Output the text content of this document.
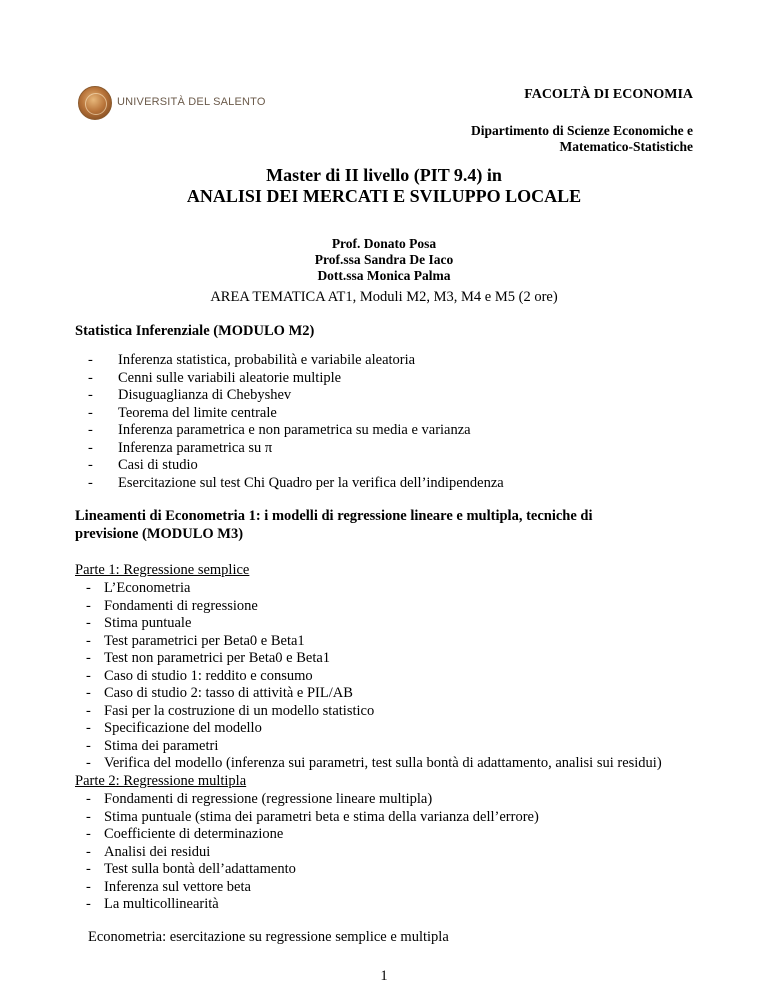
UNIVERSITÀ DEL SALENTO
FACOLTÀ DI ECONOMIA
Dipartimento di Scienze Economiche e
Matematico-Statistiche
Master di II livello (PIT 9.4) in
ANALISI DEI MERCATI E SVILUPPO LOCALE
Prof. Donato Posa
Prof.ssa Sandra De Iaco
Dott.ssa Monica Palma
AREA TEMATICA AT1, Moduli M2, M3, M4 e M5 (2 ore)
Statistica Inferenziale (MODULO M2)
- Inferenza statistica, probabilità e variabile aleatoria
- Cenni sulle variabili aleatorie multiple
- Disuguaglianza di Chebyshev
- Teorema del limite centrale
- Inferenza parametrica e non parametrica su media e varianza
- Inferenza parametrica su π
- Casi di studio
- Esercitazione sul test Chi Quadro per la verifica dell’indipendenza
Lineamenti di Econometria 1: i modelli di regressione lineare e multipla, tecniche di
previsione (MODULO M3)
Parte 1: Regressione semplice
- L’Econometria
- Fondamenti di regressione
- Stima puntuale
- Test parametrici per Beta0 e Beta1
- Test non parametrici per Beta0 e Beta1
- Caso di studio 1: reddito e consumo
- Caso di studio 2: tasso di attività e PIL/AB
- Fasi per la costruzione di un modello statistico
- Specificazione del modello
- Stima dei parametri
- Verifica del modello (inferenza sui parametri, test sulla bontà di adattamento, analisi sui residui)
Parte 2: Regressione multipla
- Fondamenti di regressione (regressione lineare multipla)
- Stima puntuale (stima dei parametri beta e stima della varianza dell’errore)
- Coefficiente di determinazione
- Analisi dei residui
- Test sulla bontà dell’adattamento
- Inferenza sul vettore beta
- La multicollinearità
Econometria: esercitazione su regressione semplice e multipla
1
